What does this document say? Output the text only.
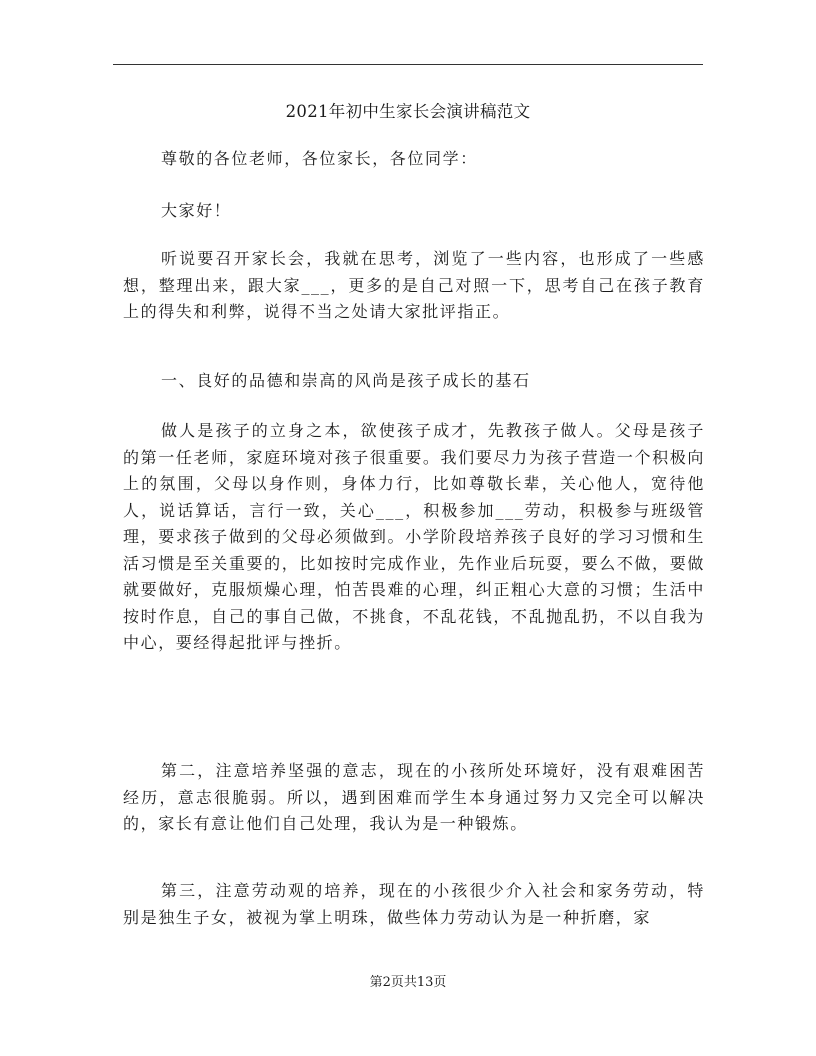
2021年初中生家长会演讲稿范文

尊敬的各位老师，各位家长，各位同学：

大家好！

听说要召开家长会，我就在思考，浏览了一些内容，也形成了一些感想，整理出来，跟大家___，更多的是自己对照一下，思考自己在孩子教育上的得失和利弊，说得不当之处请大家批评指正。

一、良好的品德和崇高的风尚是孩子成长的基石

做人是孩子的立身之本，欲使孩子成才，先教孩子做人。父母是孩子的第一任老师，家庭环境对孩子很重要。我们要尽力为孩子营造一个积极向上的氛围，父母以身作则，身体力行，比如尊敬长辈，关心他人，宽待他人，说话算话，言行一致，关心___，积极参加___劳动，积极参与班级管理，要求孩子做到的父母必须做到。小学阶段培养孩子良好的学习习惯和生活习惯是至关重要的，比如按时完成作业，先作业后玩耍，要么不做，要做就要做好，克服烦燥心理，怕苦畏难的心理，纠正粗心大意的习惯；生活中按时作息，自己的事自己做，不挑食，不乱花钱，不乱抛乱扔，不以自我为中心，要经得起批评与挫折。

第二，注意培养坚强的意志，现在的小孩所处环境好，没有艰难困苦经历，意志很脆弱。所以，遇到困难而学生本身通过努力又完全可以解决的，家长有意让他们自己处理，我认为是一种锻炼。

第三，注意劳动观的培养，现在的小孩很少介入社会和家务劳动，特别是独生子女，被视为掌上明珠，做些体力劳动认为是一种折磨，家

第2页共13页
